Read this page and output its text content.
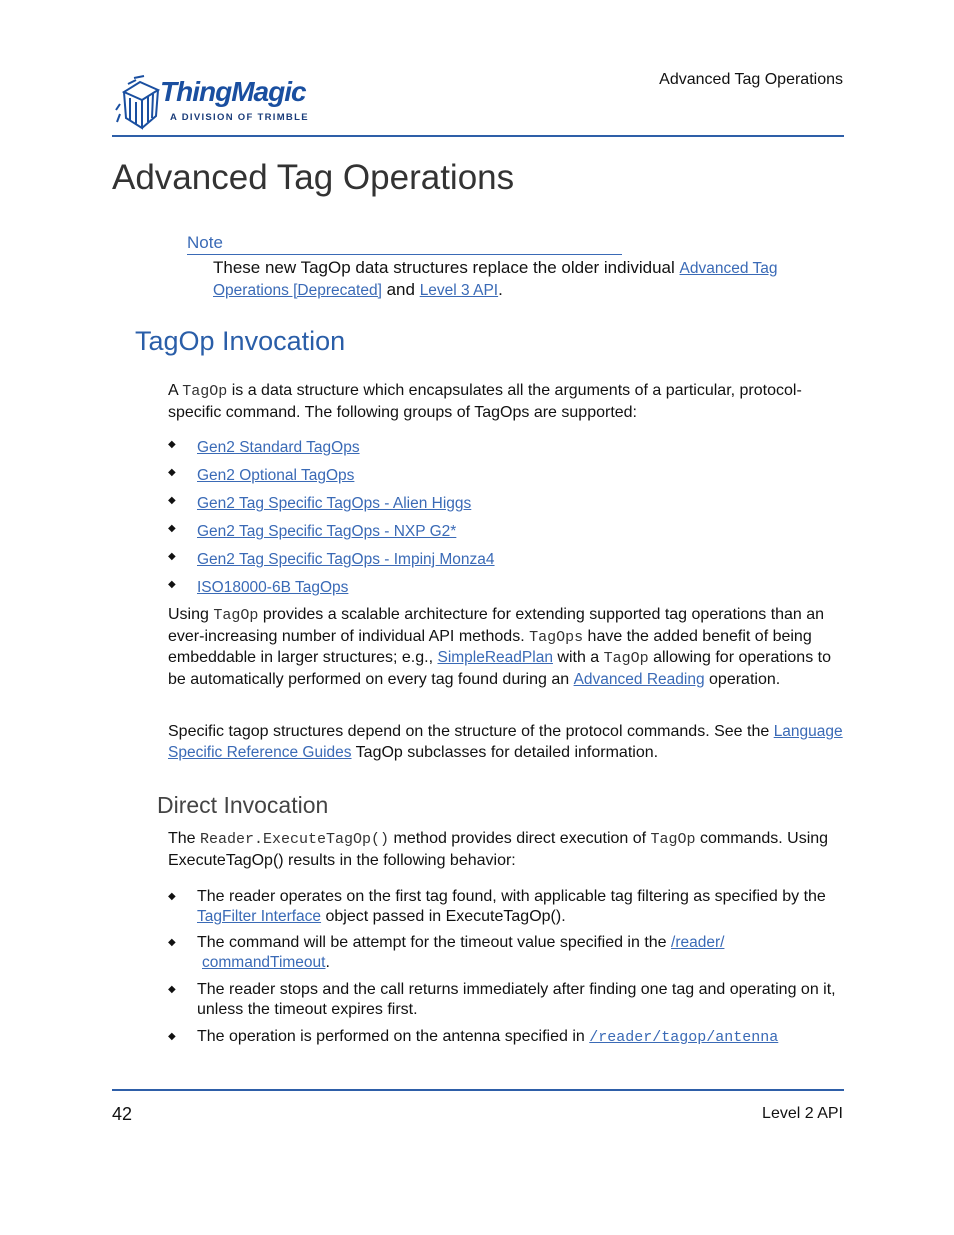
ThingMagic
A DIVISION OF TRIMBLE
Advanced Tag Operations
Advanced Tag Operations
Note
These new TagOp data structures replace the older individual Advanced Tag Operations [Deprecated] and Level 3 API.
TagOp Invocation
A TagOp is a data structure which encapsulates all the arguments of a particular, protocol-specific command. The following groups of TagOps are supported:
◆ Gen2 Standard TagOps
◆ Gen2 Optional TagOps
◆ Gen2 Tag Specific TagOps - Alien Higgs
◆ Gen2 Tag Specific TagOps - NXP G2*
◆ Gen2 Tag Specific TagOps - Impinj Monza4
◆ ISO18000-6B TagOps
Using TagOp provides a scalable architecture for extending supported tag operations than an ever-increasing number of individual API methods. TagOps have the added benefit of being embeddable in larger structures; e.g., SimpleReadPlan with a TagOp allowing for operations to be automatically performed on every tag found during an Advanced Reading operation.
Specific tagop structures depend on the structure of the protocol commands. See the Language Specific Reference Guides TagOp subclasses for detailed information.
Direct Invocation
The Reader.ExecuteTagOp() method provides direct execution of TagOp commands. Using ExecuteTagOp() results in the following behavior:
◆ The reader operates on the first tag found, with applicable tag filtering as specified by the TagFilter Interface object passed in ExecuteTagOp().
◆ The command will be attempt for the timeout value specified in the /reader/
commandTimeout.
◆ The reader stops and the call returns immediately after finding one tag and operating on it, unless the timeout expires first.
◆ The operation is performed on the antenna specified in /reader/tagop/antenna
42	Level 2 API
